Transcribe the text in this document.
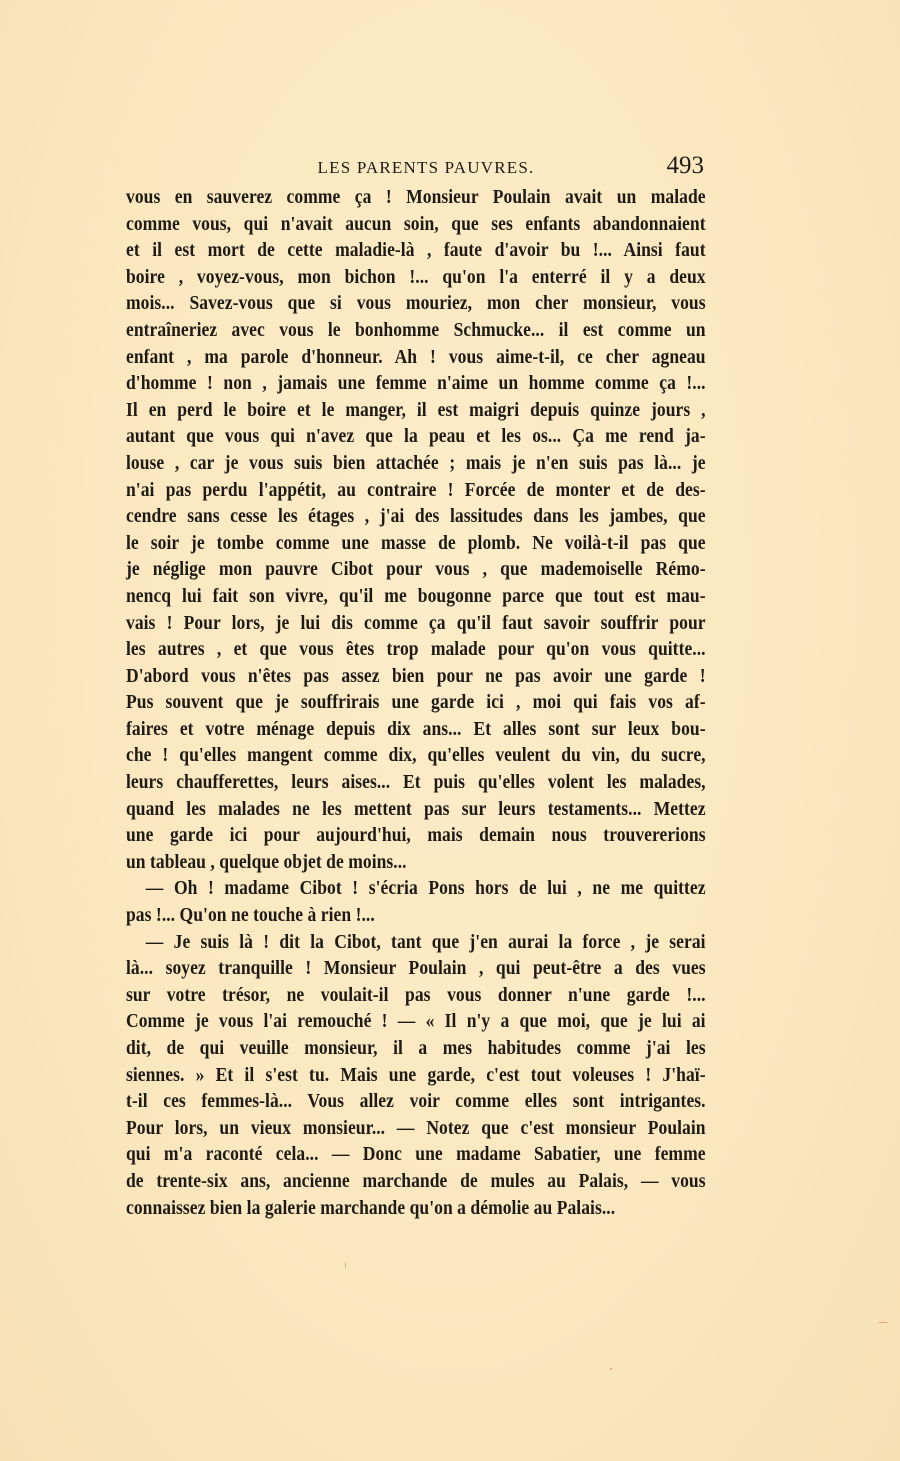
LES PARENTS PAUVRES.	493
vous en sauverez comme ça ! Monsieur Poulain avait un malade
comme vous, qui n'avait aucun soin, que ses enfants abandonnaient
et il est mort de cette maladie-là , faute d'avoir bu !... Ainsi faut
boire , voyez-vous, mon bichon !... qu'on l'a enterré il y a deux
mois... Savez-vous que si vous mouriez, mon cher monsieur, vous
entraîneriez avec vous le bonhomme Schmucke... il est comme un
enfant , ma parole d'honneur. Ah ! vous aime-t-il, ce cher agneau
d'homme ! non , jamais une femme n'aime un homme comme ça !...
Il en perd le boire et le manger, il est maigri depuis quinze jours ,
autant que vous qui n'avez que la peau et les os... Ça me rend ja-
louse , car je vous suis bien attachée ; mais je n'en suis pas là... je
n'ai pas perdu l'appétit, au contraire ! Forcée de monter et de des-
cendre sans cesse les étages , j'ai des lassitudes dans les jambes, que
le soir je tombe comme une masse de plomb. Ne voilà-t-il pas que
je néglige mon pauvre Cibot pour vous , que mademoiselle Rémo-
nencq lui fait son vivre, qu'il me bougonne parce que tout est mau-
vais ! Pour lors, je lui dis comme ça qu'il faut savoir souffrir pour
les autres , et que vous êtes trop malade pour qu'on vous quitte...
D'abord vous n'êtes pas assez bien pour ne pas avoir une garde !
Pus souvent que je souffrirais une garde ici , moi qui fais vos af-
faires et votre ménage depuis dix ans... Et alles sont sur leux bou-
che ! qu'elles mangent comme dix, qu'elles veulent du vin, du sucre,
leurs chaufferettes, leurs aises... Et puis qu'elles volent les malades,
quand les malades ne les mettent pas sur leurs testaments... Mettez
une garde ici pour aujourd'hui, mais demain nous trouvererions
un tableau , quelque objet de moins...
— Oh ! madame Cibot ! s'écria Pons hors de lui , ne me quittez
pas !... Qu'on ne touche à rien !...
— Je suis là ! dit la Cibot, tant que j'en aurai la force , je serai
là... soyez tranquille ! Monsieur Poulain , qui peut-être a des vues
sur votre trésor, ne voulait-il pas vous donner n'une garde !...
Comme je vous l'ai remouché ! — « Il n'y a que moi, que je lui ai
dit, de qui veuille monsieur, il a mes habitudes comme j'ai les
siennes. » Et il s'est tu. Mais une garde, c'est tout voleuses ! J'haï-
t-il ces femmes-là... Vous allez voir comme elles sont intrigantes.
Pour lors, un vieux monsieur... — Notez que c'est monsieur Poulain
qui m'a raconté cela... — Donc une madame Sabatier, une femme
de trente-six ans, ancienne marchande de mules au Palais, — vous
connaissez bien la galerie marchande qu'on a démolie au Palais...
